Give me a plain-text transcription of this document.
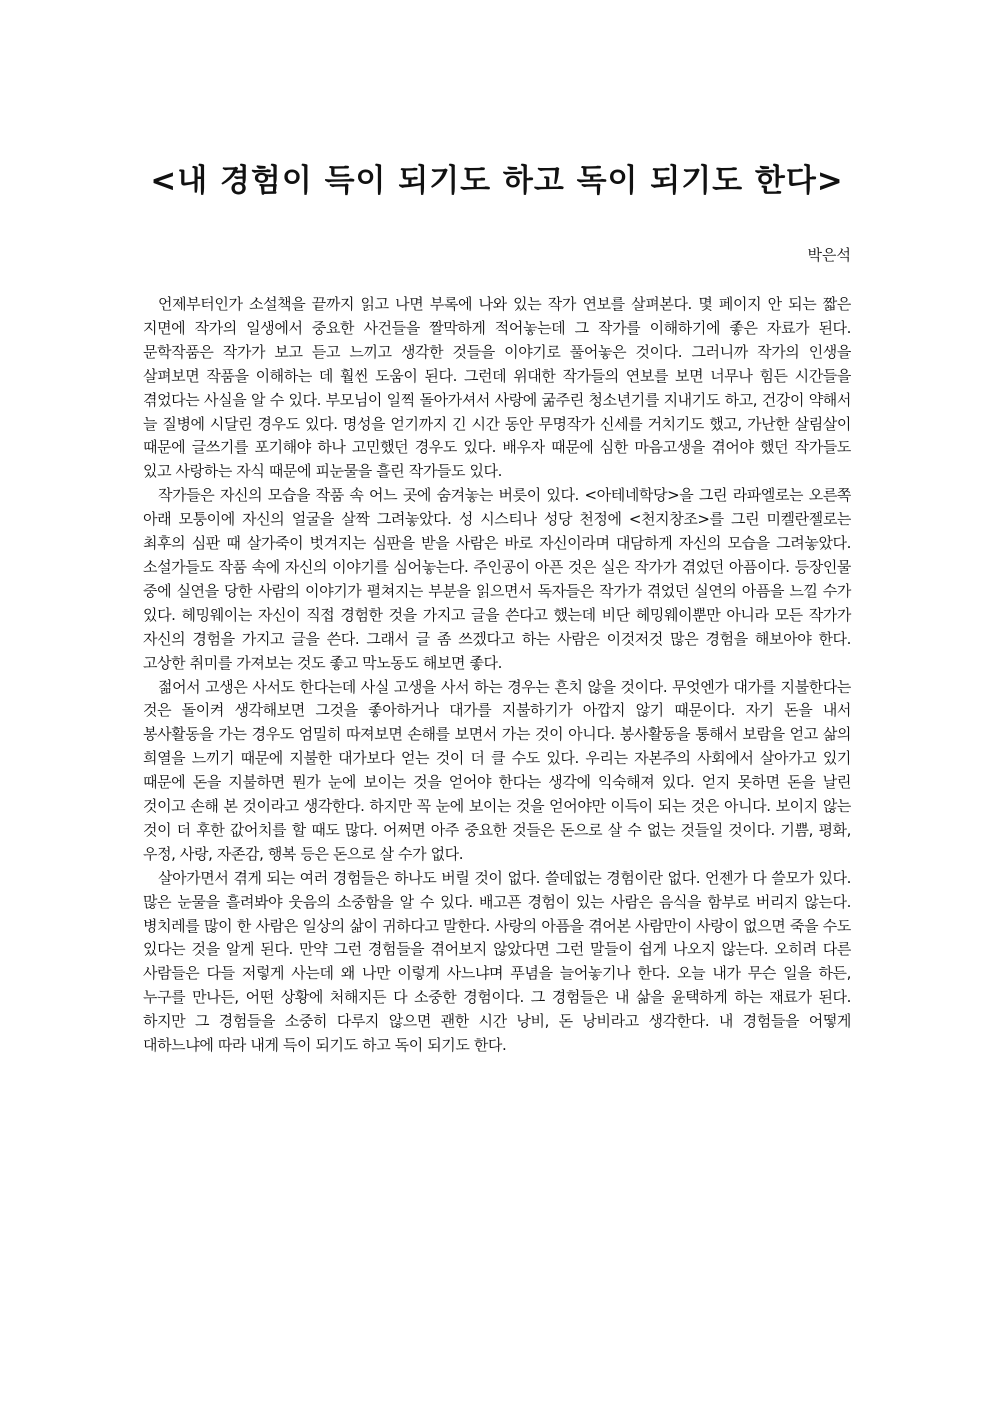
<내 경험이 득이 되기도 하고 독이 되기도 한다>

박은석

언제부터인가 소설책을 끝까지 읽고 나면 부록에 나와 있는 작가 연보를 살펴본다. 몇 페이지 안 되는 짧은 지면에 작가의 일생에서 중요한 사건들을 짤막하게 적어놓는데 그 작가를 이해하기에 좋은 자료가 된다. 문학작품은 작가가 보고 듣고 느끼고 생각한 것들을 이야기로 풀어놓은 것이다. 그러니까 작가의 인생을 살펴보면 작품을 이해하는 데 훨씬 도움이 된다. 그런데 위대한 작가들의 연보를 보면 너무나 힘든 시간들을 겪었다는 사실을 알 수 있다. 부모님이 일찍 돌아가셔서 사랑에 굶주린 청소년기를 지내기도 하고, 건강이 약해서 늘 질병에 시달린 경우도 있다. 명성을 얻기까지 긴 시간 동안 무명작가 신세를 거치기도 했고, 가난한 살림살이 때문에 글쓰기를 포기해야 하나 고민했던 경우도 있다. 배우자 때문에 심한 마음고생을 겪어야 했던 작가들도 있고 사랑하는 자식 때문에 피눈물을 흘린 작가들도 있다.

작가들은 자신의 모습을 작품 속 어느 곳에 숨겨놓는 버릇이 있다. <아테네학당>을 그린 라파엘로는 오른쪽 아래 모퉁이에 자신의 얼굴을 살짝 그려놓았다. 성 시스티나 성당 천정에 <천지창조>를 그린 미켈란젤로는 최후의 심판 때 살가죽이 벗겨지는 심판을 받을 사람은 바로 자신이라며 대담하게 자신의 모습을 그려놓았다. 소설가들도 작품 속에 자신의 이야기를 심어놓는다. 주인공이 아픈 것은 실은 작가가 겪었던 아픔이다. 등장인물 중에 실연을 당한 사람의 이야기가 펼쳐지는 부분을 읽으면서 독자들은 작가가 겪었던 실연의 아픔을 느낄 수가 있다. 헤밍웨이는 자신이 직접 경험한 것을 가지고 글을 쓴다고 했는데 비단 헤밍웨이뿐만 아니라 모든 작가가 자신의 경험을 가지고 글을 쓴다. 그래서 글 좀 쓰겠다고 하는 사람은 이것저것 많은 경험을 해보아야 한다. 고상한 취미를 가져보는 것도 좋고 막노동도 해보면 좋다.

젊어서 고생은 사서도 한다는데 사실 고생을 사서 하는 경우는 흔치 않을 것이다. 무엇엔가 대가를 지불한다는 것은 돌이켜 생각해보면 그것을 좋아하거나 대가를 지불하기가 아깝지 않기 때문이다. 자기 돈을 내서 봉사활동을 가는 경우도 엄밀히 따져보면 손해를 보면서 가는 것이 아니다. 봉사활동을 통해서 보람을 얻고 삶의 희열을 느끼기 때문에 지불한 대가보다 얻는 것이 더 클 수도 있다. 우리는 자본주의 사회에서 살아가고 있기 때문에 돈을 지불하면 뭔가 눈에 보이는 것을 얻어야 한다는 생각에 익숙해져 있다. 얻지 못하면 돈을 날린 것이고 손해 본 것이라고 생각한다. 하지만 꼭 눈에 보이는 것을 얻어야만 이득이 되는 것은 아니다. 보이지 않는 것이 더 후한 값어치를 할 때도 많다. 어쩌면 아주 중요한 것들은 돈으로 살 수 없는 것들일 것이다. 기쁨, 평화, 우정, 사랑, 자존감, 행복 등은 돈으로 살 수가 없다.

살아가면서 겪게 되는 여러 경험들은 하나도 버릴 것이 없다. 쓸데없는 경험이란 없다. 언젠가 다 쓸모가 있다. 많은 눈물을 흘려봐야 웃음의 소중함을 알 수 있다. 배고픈 경험이 있는 사람은 음식을 함부로 버리지 않는다. 병치레를 많이 한 사람은 일상의 삶이 귀하다고 말한다. 사랑의 아픔을 겪어본 사람만이 사랑이 없으면 죽을 수도 있다는 것을 알게 된다. 만약 그런 경험들을 겪어보지 않았다면 그런 말들이 쉽게 나오지 않는다. 오히려 다른 사람들은 다들 저렇게 사는데 왜 나만 이렇게 사느냐며 푸념을 늘어놓기나 한다. 오늘 내가 무슨 일을 하든, 누구를 만나든, 어떤 상황에 처해지든 다 소중한 경험이다. 그 경험들은 내 삶을 윤택하게 하는 재료가 된다. 하지만 그 경험들을 소중히 다루지 않으면 괜한 시간 낭비, 돈 낭비라고 생각한다. 내 경험들을 어떻게 대하느냐에 따라 내게 득이 되기도 하고 독이 되기도 한다.
